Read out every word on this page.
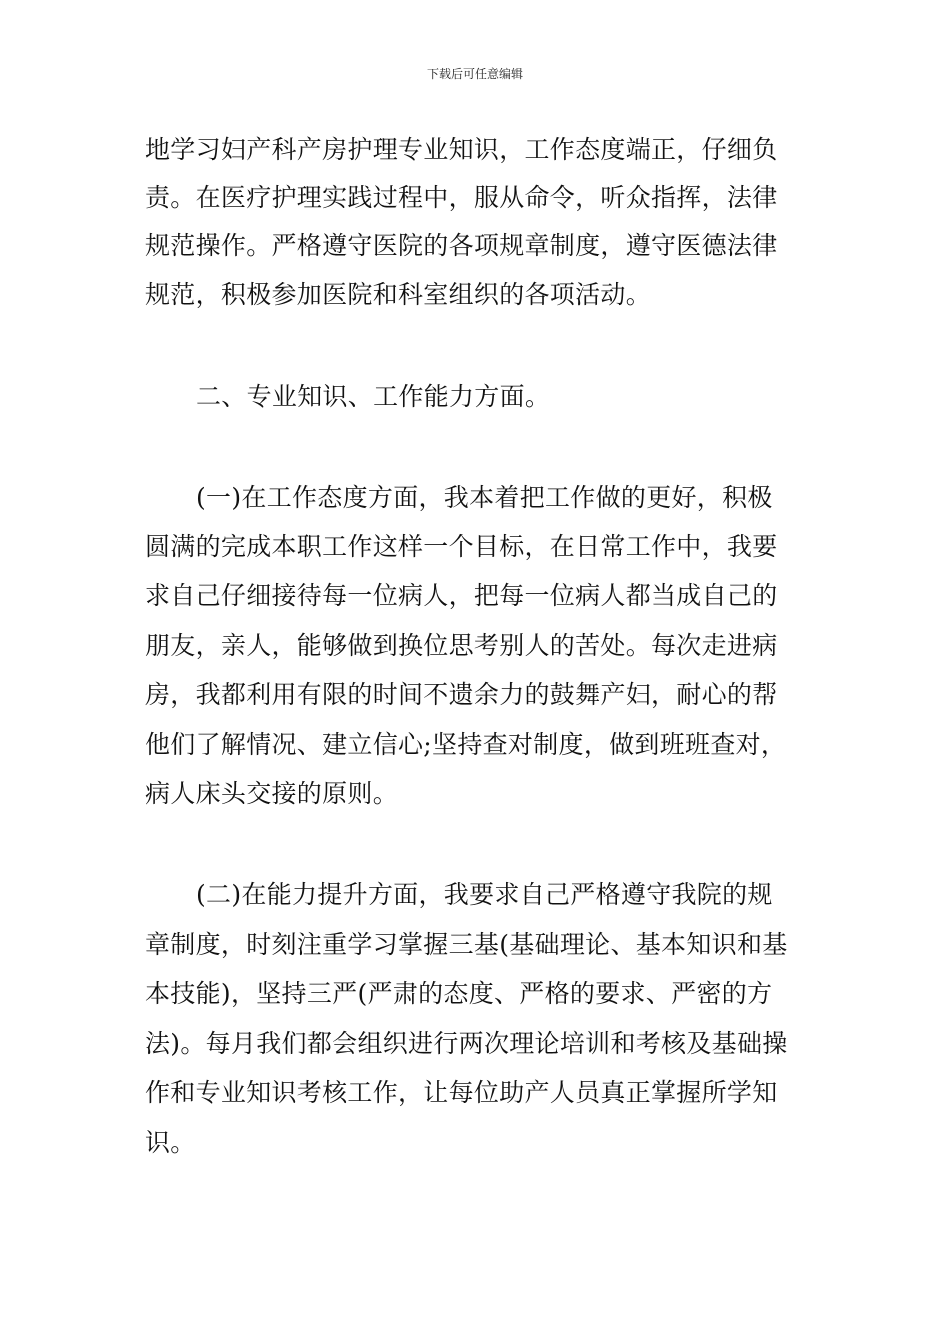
下载后可任意编辑
地学习妇产科产房护理专业知识，工作态度端正，仔细负
责。在医疗护理实践过程中，服从命令，听众指挥，法律
规范操作。严格遵守医院的各项规章制度，遵守医德法律
规范，积极参加医院和科室组织的各项活动。
二、专业知识、工作能力方面。
(一)在工作态度方面，我本着把工作做的更好，积极
圆满的完成本职工作这样一个目标，在日常工作中，我要
求自己仔细接待每一位病人，把每一位病人都当成自己的
朋友，亲人，能够做到换位思考别人的苦处。每次走进病
房，我都利用有限的时间不遗余力的鼓舞产妇，耐心的帮
他们了解情况、建立信心;坚持查对制度，做到班班查对，
病人床头交接的原则。
(二)在能力提升方面，我要求自己严格遵守我院的规
章制度，时刻注重学习掌握三基(基础理论、基本知识和基
本技能)，坚持三严(严肃的态度、严格的要求、严密的方
法)。每月我们都会组织进行两次理论培训和考核及基础操
作和专业知识考核工作，让每位助产人员真正掌握所学知
识。
